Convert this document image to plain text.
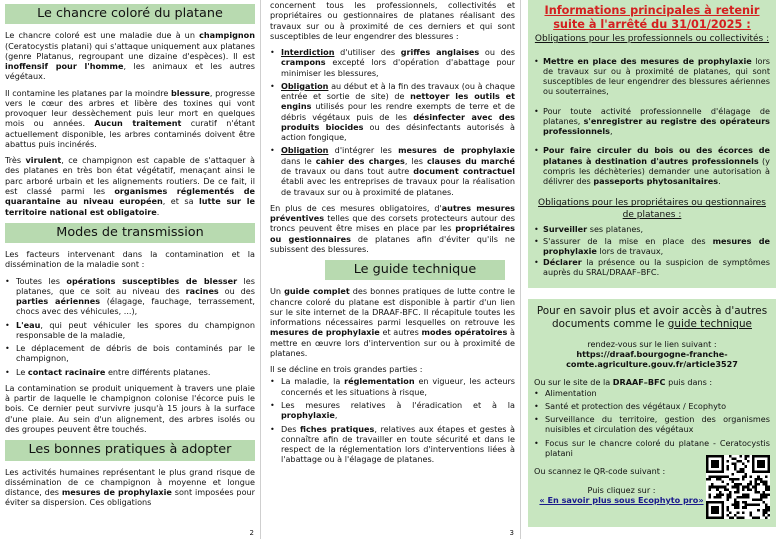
Le chancre coloré du platane

Le chancre coloré est une maladie due à un champignon (Ceratocystis platani) qui s'attaque uniquement aux platanes (genre Platanus, regroupant une dizaine d'espèces). Il est inoffensif pour l'homme, les animaux et les autres végétaux.

Il contamine les platanes par la moindre blessure, progresse vers le cœur des arbres et libère des toxines qui vont provoquer leur dessèchement puis leur mort en quelques mois ou années. Aucun traitement curatif n'étant actuellement disponible, les arbres contaminés doivent être abattus puis incinérés.

Très virulent, ce champignon est capable de s'attaquer à des platanes en très bon état végétatif, menaçant ainsi le parc arboré urbain et les alignements routiers. De ce fait, il est classé parmi les organismes réglementés de quarantaine au niveau européen, et sa lutte sur le territoire national est obligatoire.

Modes de transmission

Les facteurs intervenant dans la contamination et la dissémination de la maladie sont :

• Toutes les opérations susceptibles de blesser les platanes, que ce soit au niveau des racines ou des parties aériennes (élagage, fauchage, terrassement, chocs avec des véhicules, ...),
• L'eau, qui peut véhiculer les spores du champignon responsable de la maladie,
• Le déplacement de débris de bois contaminés par le champignon,
• Le contact racinaire entre différents platanes.

La contamination se produit uniquement à travers une plaie à partir de laquelle le champignon colonise l'écorce puis le bois. Ce dernier peut survivre jusqu'à 15 jours à la surface d'une plaie. Au sein d'un alignement, des arbres isolés ou des groupes peuvent être touchés.

Les bonnes pratiques à adopter

Les activités humaines représentant le plus grand risque de dissémination de ce champignon à moyenne et longue distance, des mesures de prophylaxie sont imposées pour éviter sa dispersion. Ces obligations

2

concernent tous les professionnels, collectivités et propriétaires ou gestionnaires de platanes réalisant des travaux sur ou à proximité de ces derniers et qui sont susceptibles de leur engendrer des blessures :

• Interdiction d'utiliser des griffes anglaises ou des crampons excepté lors d'opération d'abattage pour minimiser les blessures,
• Obligation au début et à la fin des travaux (ou à chaque entrée et sortie de site) de nettoyer les outils et engins utilisés pour les rendre exempts de terre et de débris végétaux puis de les désinfecter avec des produits biocides ou des désinfectants autorisés à action fongique,
• Obligation d'intégrer les mesures de prophylaxie dans le cahier des charges, les clauses du marché de travaux ou dans tout autre document contractuel établi avec les entreprises de travaux pour la réalisation de travaux sur ou à proximité de platanes.

En plus de ces mesures obligatoires, d'autres mesures préventives telles que des corsets protecteurs autour des troncs peuvent être mises en place par les propriétaires ou gestionnaires de platanes afin d'éviter qu'ils ne subissent des blessures.

Le guide technique

Un guide complet des bonnes pratiques de lutte contre le chancre coloré du platane est disponible à partir d'un lien sur le site internet de la DRAAF-BFC. Il récapitule toutes les informations nécessaires parmi lesquelles on retrouve les mesures de prophylaxie et autres modes opératoires à mettre en œuvre lors d'intervention sur ou à proximité de platanes.

Il se décline en trois grandes parties :

• La maladie, la réglementation en vigueur, les acteurs concernés et les situations à risque,
• Les mesures relatives à l'éradication et à la prophylaxie,
• Des fiches pratiques, relatives aux étapes et gestes à connaître afin de travailler en toute sécurité et dans le respect de la réglementation lors d'interventions liées à l'abattage ou à l'élagage de platanes.
3
Informations principales à retenir suite à l'arrêté du 31/01/2025 :
Obligations pour les professionnels ou collectivités :
• Mettre en place des mesures de prophylaxie lors de travaux sur ou à proximité de platanes, qui sont susceptibles de leur engendrer des blessures aériennes ou souterraines,
• Pour toute activité professionnelle d'élagage de platanes, s'enregistrer au registre des opérateurs professionnels,
• Pour faire circuler du bois ou des écorces de platanes à destination d'autres professionnels (y compris les déchèteries) demander une autorisation à délivrer des passeports phytosanitaires.
Obligations pour les propriétaires ou gestionnaires de platanes :
• Surveiller ses platanes,
• S'assurer de la mise en place des mesures de prophylaxie lors de travaux,
• Déclarer la présence ou la suspicion de symptômes auprès du SRAL/DRAAF–BFC.
Pour en savoir plus et avoir accès à d'autres documents comme le guide technique
rendez-vous sur le lien suivant :
https://draaf.bourgogne-franche-comte.agriculture.gouv.fr/article3527
Ou sur le site de la DRAAF–BFC puis dans :
• Alimentation
• Santé et protection des végétaux / Ecophyto
• Surveillance du territoire, gestion des organismes nuisibles et circulation des végétaux
• Focus sur le chancre coloré du platane - Ceratocystis platani
Ou scannez le QR-code suivant :
Puis cliquez sur :
« En savoir plus sous Ecophyto pro»
